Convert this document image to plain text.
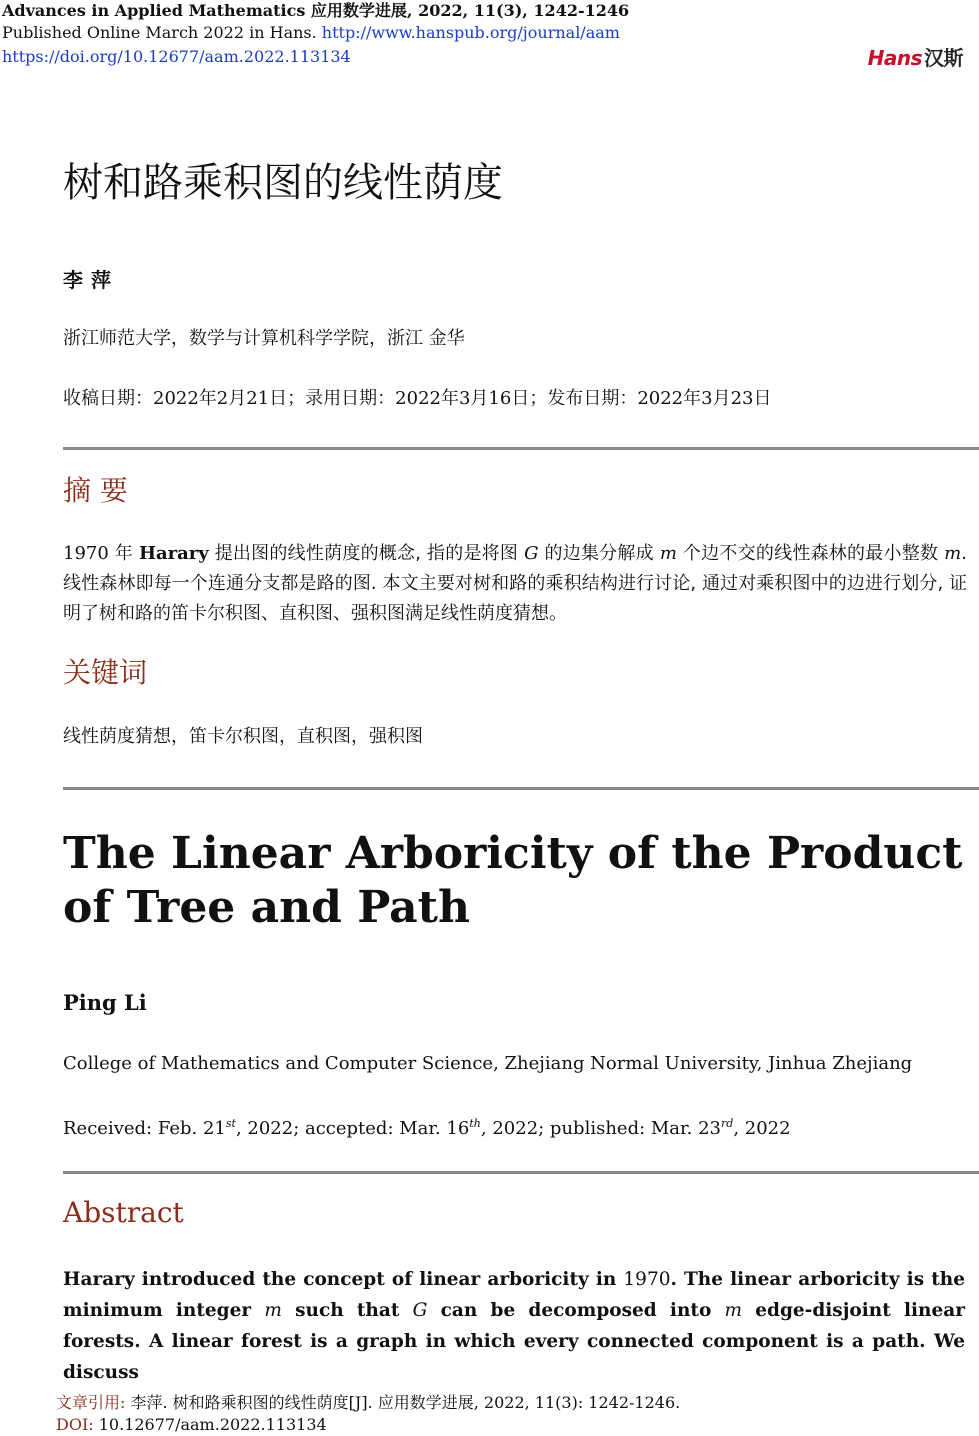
Advances in Applied Mathematics 应用数学进展, 2022, 11(3), 1242-1246
Published Online March 2022 in Hans. http://www.hanspub.org/journal/aam
https://doi.org/10.12677/aam.2022.113134	Hans 汉斯
树和路乘积图的线性荫度
李萍
浙江师范大学，数学与计算机科学学院，浙江 金华
收稿日期：2022年2月21日；录用日期：2022年3月16日；发布日期：2022年3月23日
摘 要
1970 年 Harary 提出图的线性荫度的概念, 指的是将图 G 的边集分解成 m 个边不交的线性森林的最小整数 m. 线性森林即每一个连通分支都是路的图. 本文主要对树和路的乘积结构进行讨论, 通过对乘积图中的边进行划分, 证明了树和路的笛卡尔积图、直积图、强积图满足线性荫度猜想。
关键词
线性荫度猜想，笛卡尔积图，直积图，强积图
The Linear Arboricity of the Product of Tree and Path
Ping Li
College of Mathematics and Computer Science, Zhejiang Normal University, Jinhua Zhejiang
Received: Feb. 21st, 2022; accepted: Mar. 16th, 2022; published: Mar. 23rd, 2022
Abstract
Harary introduced the concept of linear arboricity in 1970. The linear arboricity is the minimum integer m such that G can be decomposed into m edge-disjoint linear forests. A linear forest is a graph in which every connected component is a path. We discuss
文章引用: 李萍. 树和路乘积图的线性荫度[J]. 应用数学进展, 2022, 11(3): 1242-1246.
DOI: 10.12677/aam.2022.113134
